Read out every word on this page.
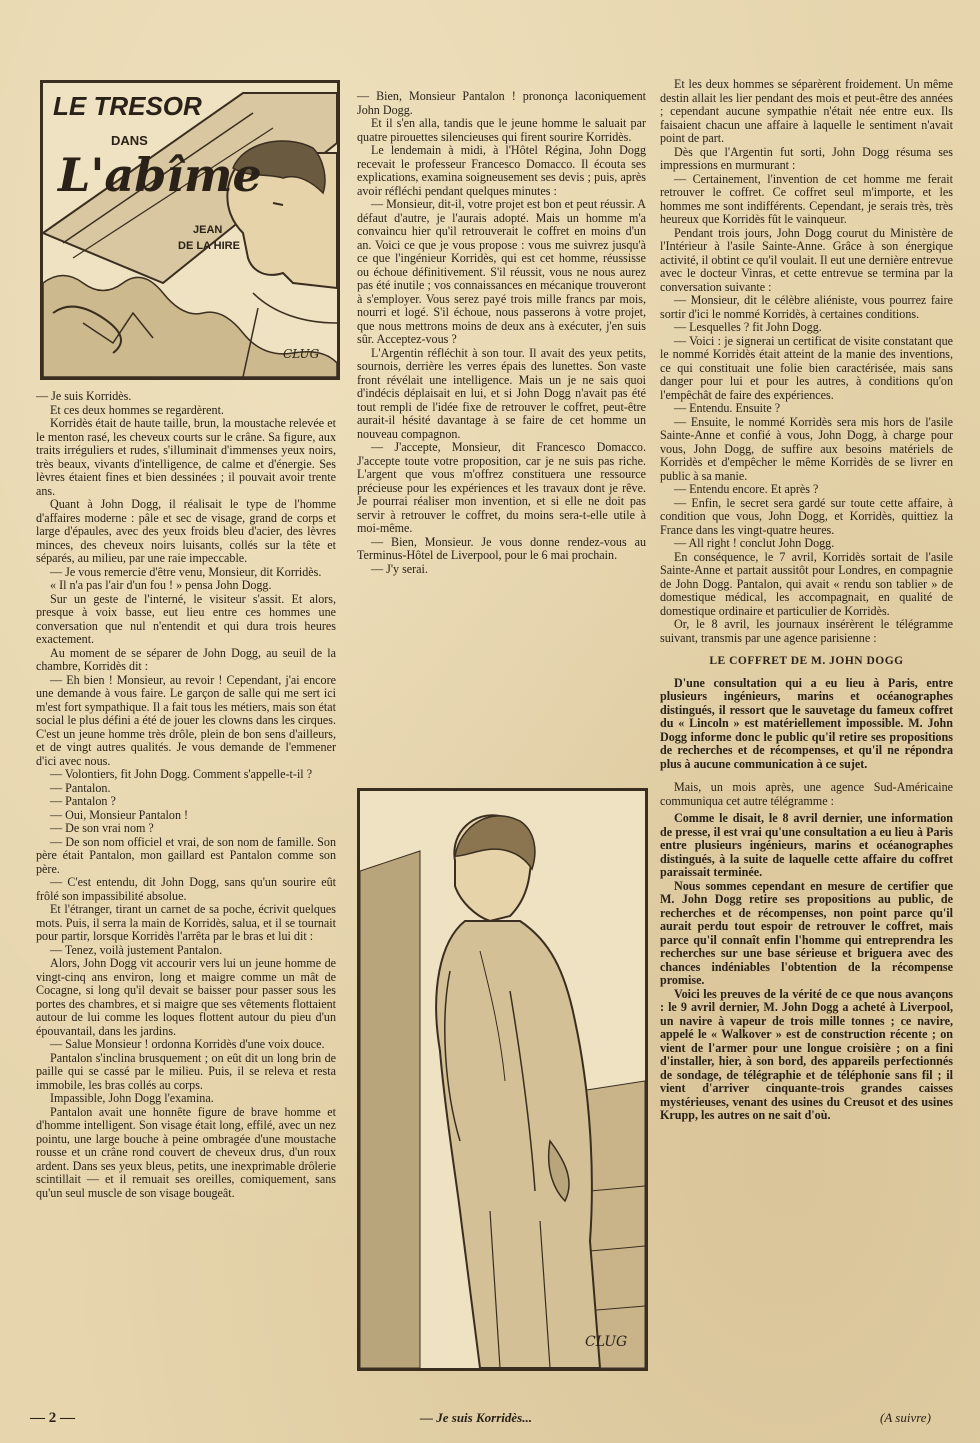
LE TRESOR
DANS
L'abîme
JEAN
DE LA HIRE
CLUG

— Je suis Korridès.

Et ces deux hommes se regardèrent.

Korridès était de haute taille, brun, la moustache relevée et le menton rasé, les cheveux courts sur le crâne. Sa figure, aux traits irréguliers et rudes, s'illuminait d'immenses yeux noirs, très beaux, vivants d'intelligence, de calme et d'énergie. Ses lèvres étaient fines et bien dessinées ; il pouvait avoir trente ans.

Quant à John Dogg, il réalisait le type de l'homme d'affaires moderne : pâle et sec de visage, grand de corps et large d'épaules, avec des yeux froids bleu d'acier, des lèvres minces, des cheveux noirs luisants, collés sur la tête et séparés, au milieu, par une raie impeccable.

— Je vous remercie d'être venu, Monsieur, dit Korridès.

« Il n'a pas l'air d'un fou ! » pensa John Dogg.

Sur un geste de l'interné, le visiteur s'assit. Et alors, presque à voix basse, eut lieu entre ces hommes une conversation que nul n'entendit et qui dura trois heures exactement.

Au moment de se séparer de John Dogg, au seuil de la chambre, Korridès dit :

— Eh bien ! Monsieur, au revoir ! Cependant, j'ai encore une demande à vous faire. Le garçon de salle qui me sert ici m'est fort sympathique. Il a fait tous les métiers, mais son état social le plus défini a été de jouer les clowns dans les cirques. C'est un jeune homme très drôle, plein de bon sens d'ailleurs, et de vingt autres qualités. Je vous demande de l'emmener d'ici avec nous.

— Volontiers, fit John Dogg. Comment s'appelle-t-il ?

— Pantalon.

— Pantalon ?

— Oui, Monsieur Pantalon !

— De son vrai nom ?

— De son nom officiel et vrai, de son nom de famille. Son père était Pantalon, mon gaillard est Pantalon comme son père.

— C'est entendu, dit John Dogg, sans qu'un sourire eût frôlé son impassibilité absolue.

Et l'étranger, tirant un carnet de sa poche, écrivit quelques mots. Puis, il serra la main de Korridès, salua, et il se tournait pour partir, lorsque Korridès l'arrêta par le bras et lui dit :

— Tenez, voilà justement Pantalon.

Alors, John Dogg vit accourir vers lui un jeune homme de vingt-cinq ans environ, long et maigre comme un mât de Cocagne, si long qu'il devait se baisser pour passer sous les portes des chambres, et si maigre que ses vêtements flottaient autour de lui comme les loques flottent autour du pieu d'un épouvantail, dans les jardins.

— Salue Monsieur ! ordonna Korridès d'une voix douce.

Pantalon s'inclina brusquement ; on eût dit un long brin de paille qui se cassé par le milieu. Puis, il se releva et resta immobile, les bras collés au corps.

Impassible, John Dogg l'examina.

Pantalon avait une honnête figure de brave homme et d'homme intelligent. Son visage était long, effilé, avec un nez pointu, une large bouche à peine ombragée d'une moustache rousse et un crâne rond couvert de cheveux drus, d'un roux ardent. Dans ses yeux bleus, petits, une inexprimable drôlerie scintillait — et il remuait ses oreilles, comiquement, sans qu'un seul muscle de son visage bougeât.

— Bien, Monsieur Pantalon ! prononça laconiquement John Dogg.

Et il s'en alla, tandis que le jeune homme le saluait par quatre pirouettes silencieuses qui firent sourire Korridès.

Le lendemain à midi, à l'Hôtel Régina, John Dogg recevait le professeur Francesco Domacco. Il écouta ses explications, examina soigneusement ses devis ; puis, après avoir réfléchi pendant quelques minutes :

— Monsieur, dit-il, votre projet est bon et peut réussir. A défaut d'autre, je l'aurais adopté. Mais un homme m'a convaincu hier qu'il retrouverait le coffret en moins d'un an. Voici ce que je vous propose : vous me suivrez jusqu'à ce que l'ingénieur Korridès, qui est cet homme, réussisse ou échoue définitivement. S'il réussit, vous ne nous aurez pas été inutile ; vos connaissances en mécanique trouveront à s'employer. Vous serez payé trois mille francs par mois, nourri et logé. S'il échoue, nous passerons à votre projet, que nous mettrons moins de deux ans à exécuter, j'en suis sûr. Acceptez-vous ?

L'Argentin réfléchit à son tour. Il avait des yeux petits, sournois, derrière les verres épais des lunettes. Son vaste front révélait une intelligence. Mais un je ne sais quoi d'indécis déplaisait en lui, et si John Dogg n'avait pas été tout rempli de l'idée fixe de retrouver le coffret, peut-être aurait-il hésité davantage à se faire de cet homme un nouveau compagnon.

— J'accepte, Monsieur, dit Francesco Domacco. J'accepte toute votre proposition, car je ne suis pas riche. L'argent que vous m'offrez constituera une ressource précieuse pour les expériences et les travaux dont je rêve. Je pourrai réaliser mon invention, et si elle ne doit pas servir à retrouver le coffret, du moins sera-t-elle utile à moi-même.

— Bien, Monsieur. Je vous donne rendez-vous au Terminus-Hôtel de Liverpool, pour le 6 mai prochain.

— J'y serai.

CLUG

Et les deux hommes se séparèrent froidement. Un même destin allait les lier pendant des mois et peut-être des années ; cependant aucune sympathie n'était née entre eux. Ils faisaient chacun une affaire à laquelle le sentiment n'avait point de part.

Dès que l'Argentin fut sorti, John Dogg résuma ses impressions en murmurant :

— Certainement, l'invention de cet homme me ferait retrouver le coffret. Ce coffret seul m'importe, et les hommes me sont indifférents. Cependant, je serais très, très heureux que Korridès fût le vainqueur.

Pendant trois jours, John Dogg courut du Ministère de l'Intérieur à l'asile Sainte-Anne. Grâce à son énergique activité, il obtint ce qu'il voulait. Il eut une dernière entrevue avec le docteur Vinras, et cette entrevue se termina par la conversation suivante :

— Monsieur, dit le célèbre aliéniste, vous pourrez faire sortir d'ici le nommé Korridès, à certaines conditions.

— Lesquelles ? fit John Dogg.

— Voici : je signerai un certificat de visite constatant que le nommé Korridès était atteint de la manie des inventions, ce qui constituait une folie bien caractérisée, mais sans danger pour lui et pour les autres, à conditions qu'on l'empêchât de faire des expériences.

— Entendu. Ensuite ?

— Ensuite, le nommé Korridès sera mis hors de l'asile Sainte-Anne et confié à vous, John Dogg, à charge pour vous, John Dogg, de suffire aux besoins matériels de Korridès et d'empêcher le même Korridès de se livrer en public à sa manie.

— Entendu encore. Et après ?

— Enfin, le secret sera gardé sur toute cette affaire, à condition que vous, John Dogg, et Korridès, quittiez la France dans les vingt-quatre heures.

— All right ! conclut John Dogg.

En conséquence, le 7 avril, Korridès sortait de l'asile Sainte-Anne et partait aussitôt pour Londres, en compagnie de John Dogg. Pantalon, qui avait « rendu son tablier » de domestique médical, les accompagnait, en qualité de domestique ordinaire et particulier de Korridès.

Or, le 8 avril, les journaux insérèrent le télégramme suivant, transmis par une agence parisienne :

LE COFFRET DE M. JOHN DOGG

D'une consultation qui a eu lieu à Paris, entre plusieurs ingénieurs, marins et océanographes distingués, il ressort que le sauvetage du fameux coffret du « Lincoln » est matériellement impossible. M. John Dogg informe donc le public qu'il retire ses propositions de recherches et de récompenses, et qu'il ne répondra plus à aucune communication à ce sujet.

Mais, un mois après, une agence Sud-Américaine communiqua cet autre télégramme :

Comme le disait, le 8 avril dernier, une information de presse, il est vrai qu'une consultation a eu lieu à Paris entre plusieurs ingénieurs, marins et océanographes distingués, à la suite de laquelle cette affaire du coffret paraissait terminée.

Nous sommes cependant en mesure de certifier que M. John Dogg retire ses propositions au public, de recherches et de récompenses, non point parce qu'il aurait perdu tout espoir de retrouver le coffret, mais parce qu'il connaît enfin l'homme qui entreprendra les recherches sur une base sérieuse et briguera avec des chances indéniables l'obtention de la récompense promise.

Voici les preuves de la vérité de ce que nous avançons : le 9 avril dernier, M. John Dogg a acheté à Liverpool, un navire à vapeur de trois mille tonnes ; ce navire, appelé le « Walkover » est de construction récente ; on vient de l'armer pour une longue croisière ; on a fini d'installer, hier, à son bord, des appareils perfectionnés de sondage, de télégraphie et de téléphonie sans fil ; il vient d'arriver cinquante-trois grandes caisses mystérieuses, venant des usines du Creusot et des usines Krupp, les autres on ne sait d'où.

— 2 —	— Je suis Korridès...	(A suivre)
